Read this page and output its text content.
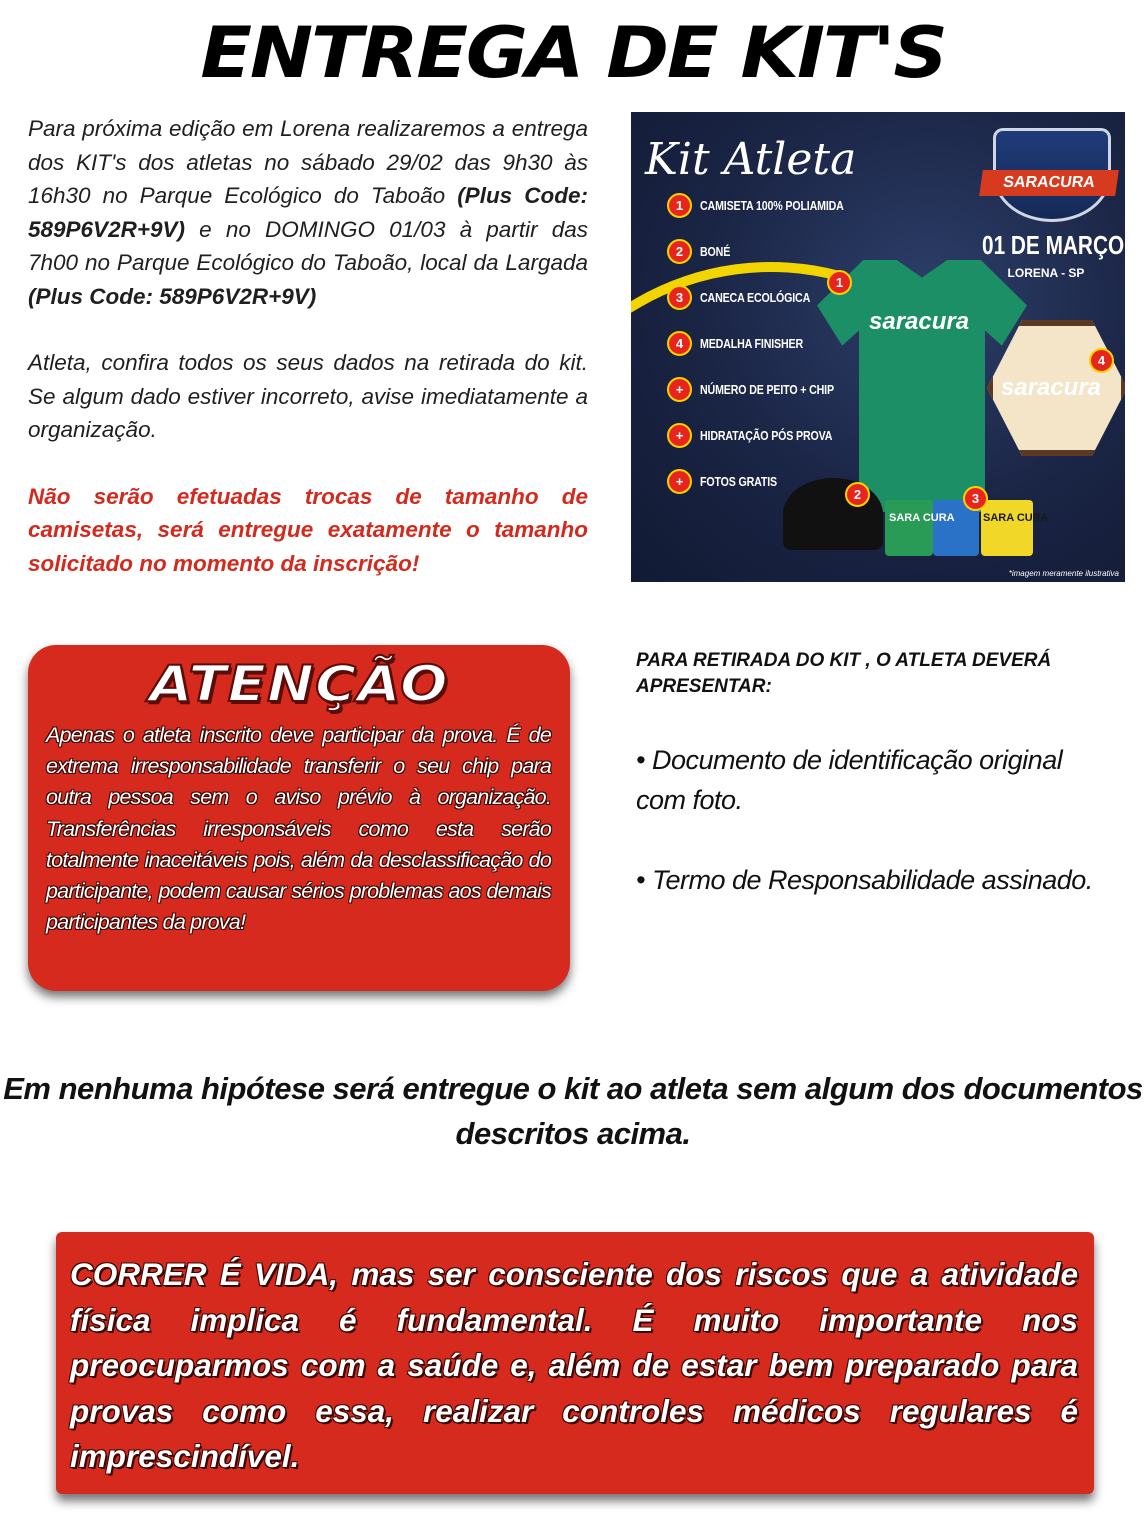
ENTREGA DE KIT'S

Para próxima edição em Lorena realizaremos a entrega dos KIT's dos atletas no sábado 29/02 das 9h30 às 16h30 no Parque Ecológico do Taboão (Plus Code: 589P6V2R+9V) e no DOMINGO 01/03 à partir das 7h00 no Parque Ecológico do Taboão, local da Largada (Plus Code: 589P6V2R+9V)

Atleta, confira todos os seus dados na retirada do kit. Se algum dado estiver incorreto, avise imediatamente a organização.

Não serão efetuadas trocas de tamanho de camisetas, será entregue exatamente o tamanho solicitado no momento da inscrição!

Kit Atleta
1	CAMISETA 100% POLIAMIDA
2	BONÉ
3	CANECA ECOLÓGICA
4	MEDALHA FINISHER
+	NÚMERO DE PEITO + CHIP
+	HIDRATAÇÃO PÓS PROVA
+	FOTOS GRATIS
SARACURA
01 DE MARÇO
LORENA - SP
saracura
1
saracura
4
2
SARA CURA	SARA CURA
3
*imagem meramente ilustrativa
ATENÇÃO
Apenas o atleta inscrito deve participar da prova. É de extrema irresponsabilidade transferir o seu chip para outra pessoa sem o aviso prévio à organização. Transferências irresponsáveis como esta serão totalmente inaceitáveis pois, além da desclassificação do participante, podem causar sérios problemas aos demais participantes da prova!
PARA RETIRADA DO KIT , O ATLETA DEVERÁ APRESENTAR:
• Documento de identificação original com foto.
• Termo de Responsabilidade assinado.
Em nenhuma hipótese será entregue o kit ao atleta sem algum dos documentos descritos acima.
CORRER É VIDA, mas ser consciente dos riscos que a atividade física implica é fundamental. É muito importante nos preocuparmos com a saúde e, além de estar bem preparado para provas como essa, realizar controles médicos regulares é imprescindível.
